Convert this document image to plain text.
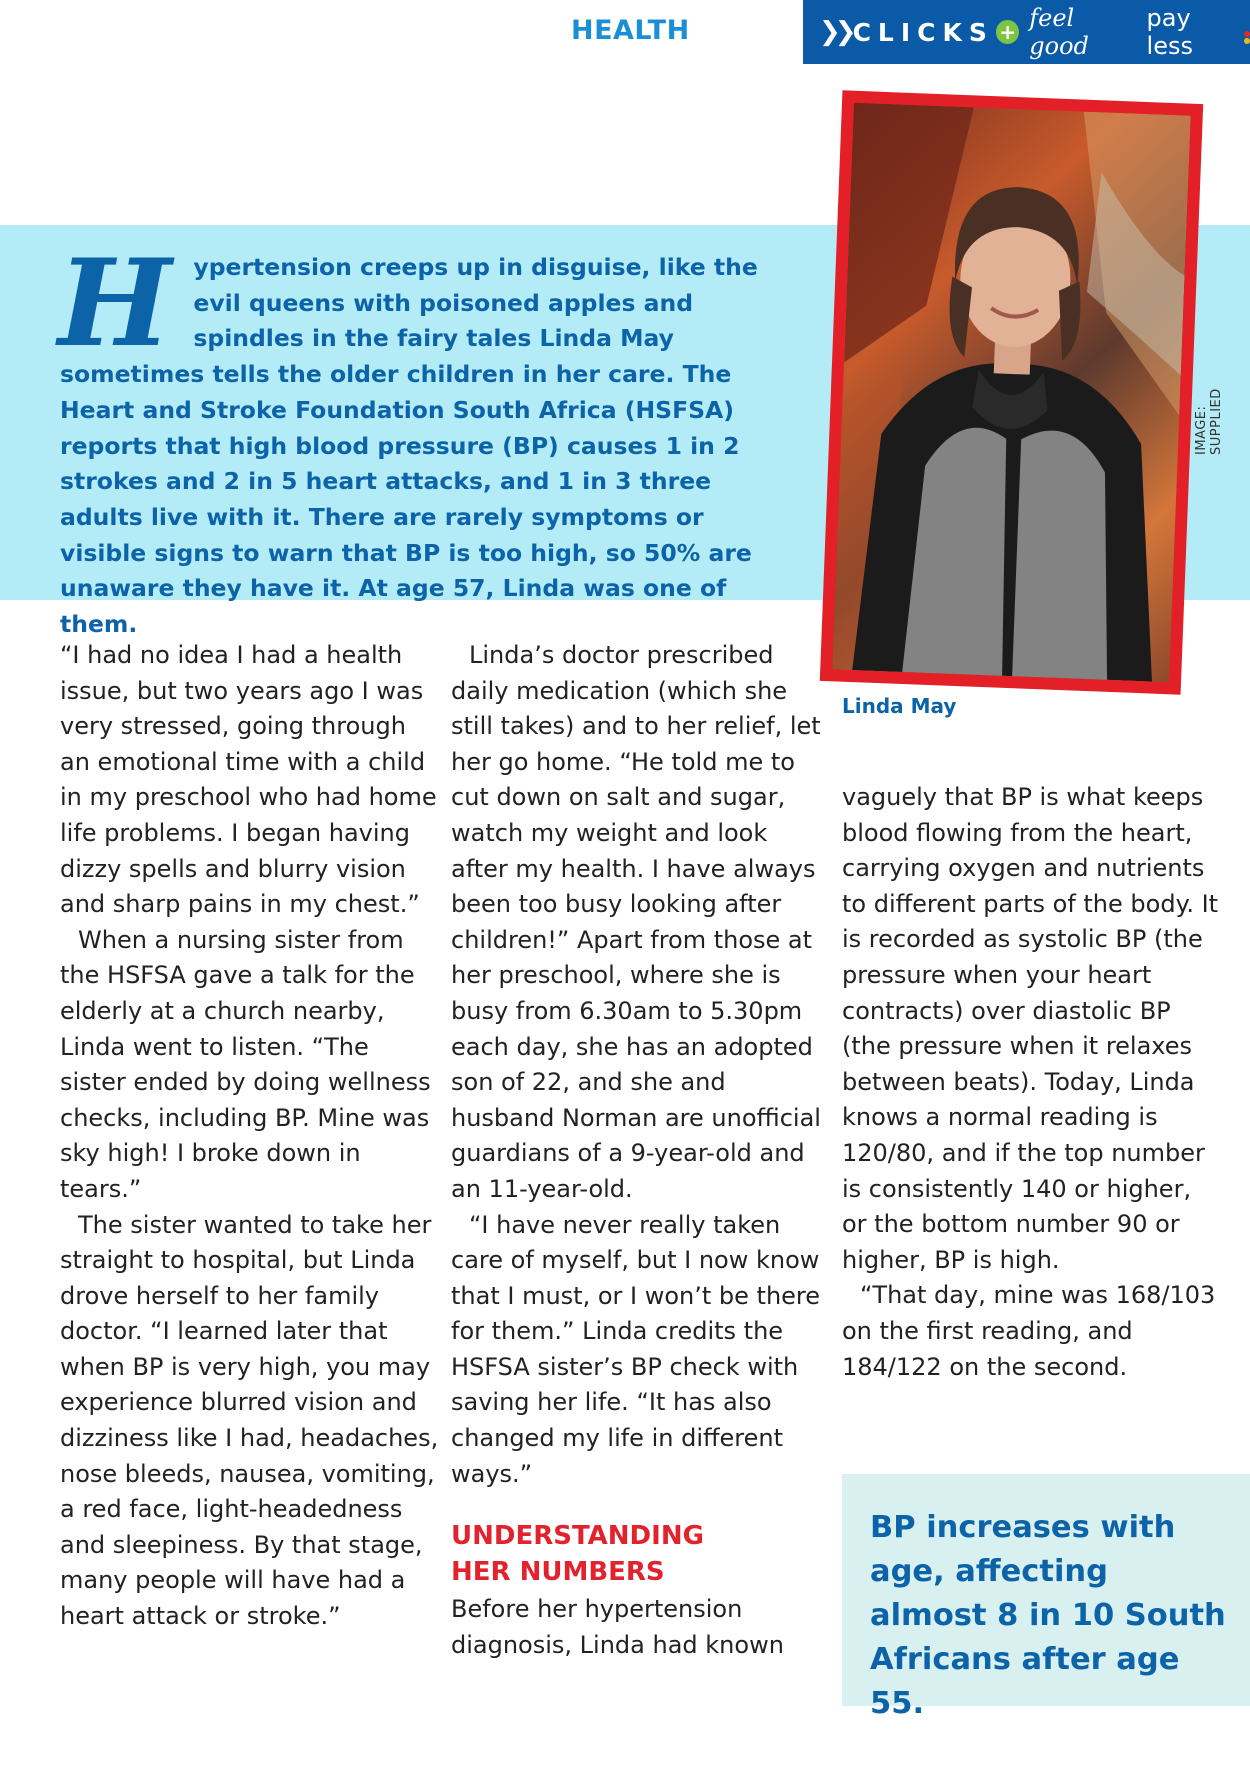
HEALTH	❯❯ CLICKS + feel good
pay less
Hypertension creeps up in disguise, like the evil queens with poisoned apples and spindles in the fairy tales Linda May sometimes tells the older children in her care. The Heart and Stroke Foundation South Africa (HSFSA) reports that high blood pressure (BP) causes 1 in 2 strokes and 2 in 5 heart attacks, and 1 in 3 three adults live with it. There are rarely symptoms or visible signs to warn that BP is too high, so 50% are unaware they have it. At age 57, Linda was one of them.
IMAGE: SUPPLIED
Linda May

“I had no idea I had a health issue, but two years ago I was very stressed, going through an emotional time with a child in my preschool who had home life problems. I began having dizzy spells and blurry vision and sharp pains in my chest.”

When a nursing sister from the HSFSA gave a talk for the elderly at a church nearby, Linda went to listen. “The sister ended by doing wellness checks, including BP. Mine was sky high! I broke down in tears.”

The sister wanted to take her straight to hospital, but Linda drove herself to her family doctor. “I learned later that when BP is very high, you may experience blurred vision and dizziness like I had, headaches, nose bleeds, nausea, vomiting, a red face, light-headedness and sleepiness. By that stage, many people will have had a heart attack or stroke.”

Linda’s doctor prescribed daily medication (which she still takes) and to her relief, let her go home. “He told me to cut down on salt and sugar, watch my weight and look after my health. I have always been too busy looking after children!” Apart from those at her preschool, where she is busy from 6.30am to 5.30pm each day, she has an adopted son of 22, and she and husband Norman are unofficial guardians of a 9-year-old and an 11-year-old.

“I have never really taken care of myself, but I now know that I must, or I won’t be there for them.” Linda credits the HSFSA sister’s BP check with saving her life. “It has also changed my life in different ways.”

UNDERSTANDING
HER NUMBERS

Before her hypertension diagnosis, Linda had known

vaguely that BP is what keeps blood flowing from the heart, carrying oxygen and nutrients to different parts of the body. It is recorded as systolic BP (the pressure when your heart contracts) over diastolic BP (the pressure when it relaxes between beats). Today, Linda knows a normal reading is 120/80, and if the top number is consistently 140 or higher, or the bottom number 90 or higher, BP is high.

“That day, mine was 168/103 on the first reading, and 184/122 on the second.

BP increases with age, affecting almost 8 in 10 South Africans after age 55.
